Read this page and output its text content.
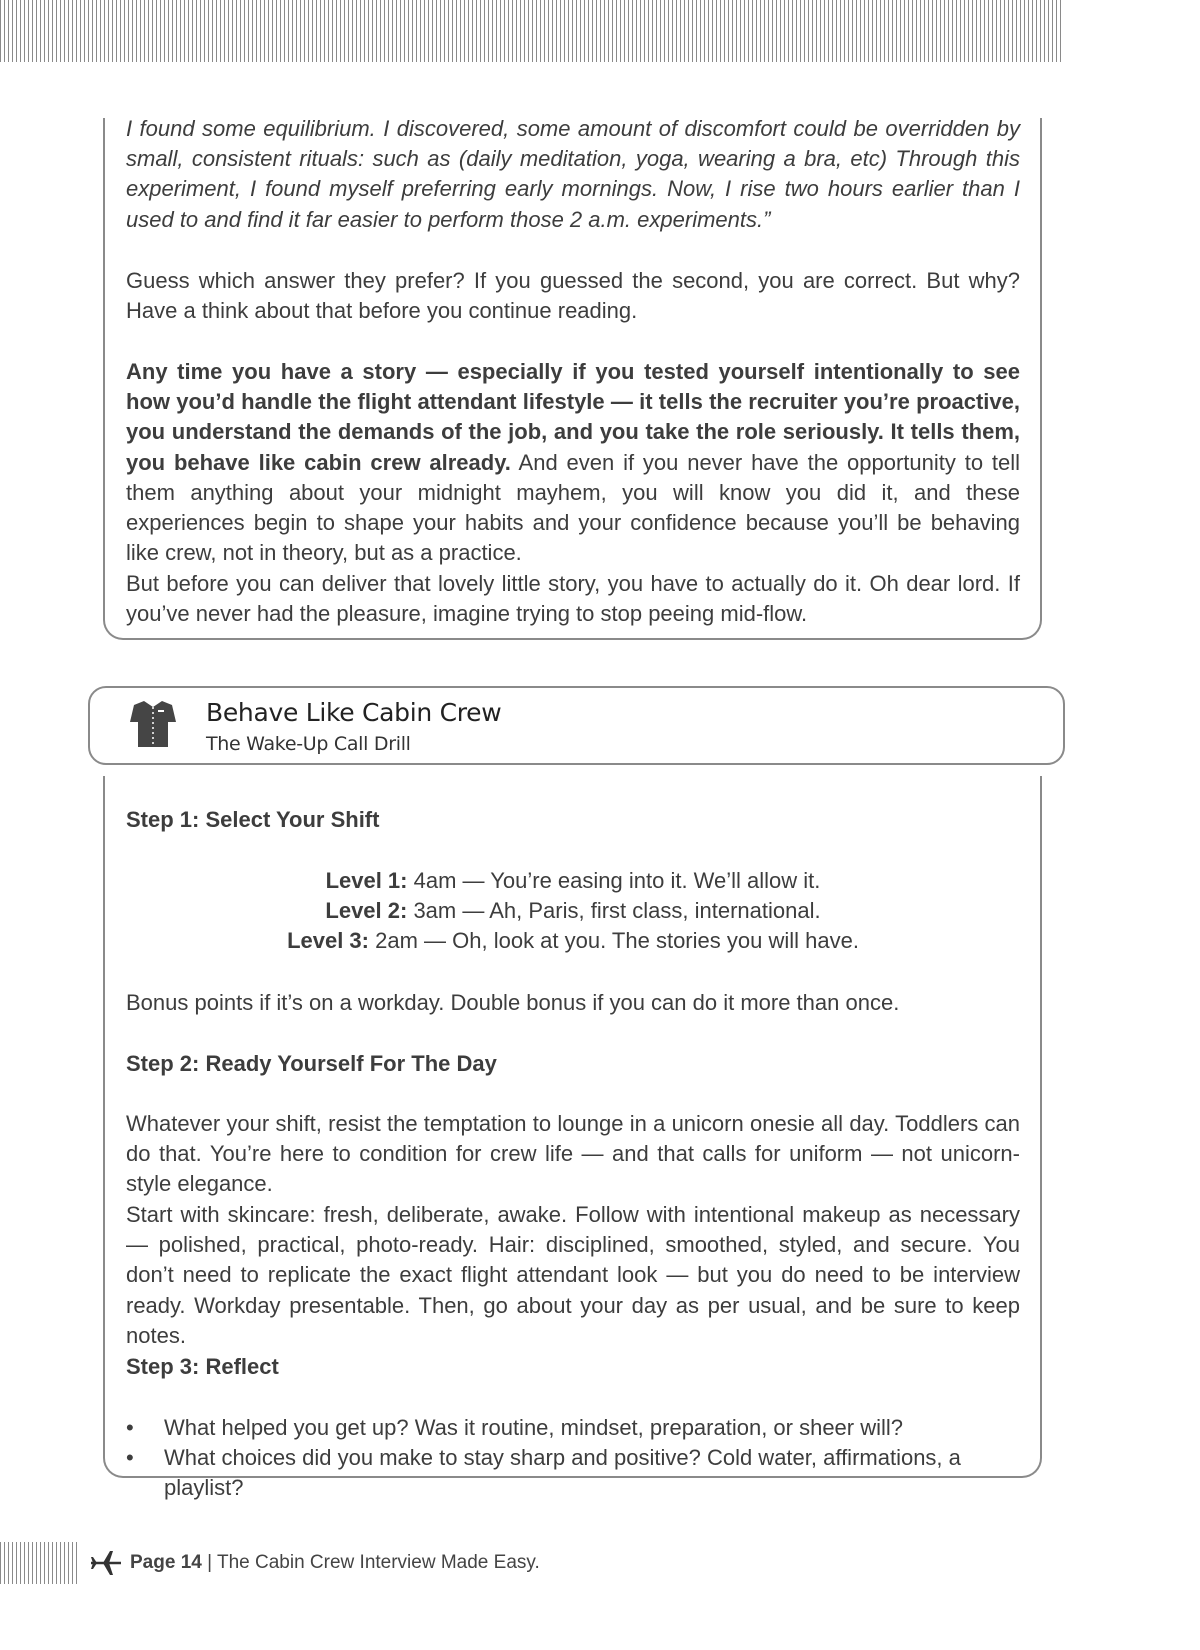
I found some equilibrium. I discovered, some amount of discomfort could be overridden by small, consistent rituals: such as (daily meditation, yoga, wearing a bra, etc) Through this experiment, I found myself preferring early mornings. Now, I rise two hours earlier than I used to and find it far easier to perform those 2 a.m. experiments.”

Guess which answer they prefer? If you guessed the second, you are correct. But why? Have a think about that before you continue reading.

Any time you have a story — especially if you tested yourself intentionally to see how you’d handle the flight attendant lifestyle — it tells the recruiter you’re proactive, you understand the demands of the job, and you take the role seriously. It tells them, you behave like cabin crew already. And even if you never have the opportunity to tell them anything about your midnight mayhem, you will know you did it, and these experiences begin to shape your habits and your confidence because you’ll be behaving like crew, not in theory, but as a practice.

But before you can deliver that lovely little story, you have to actually do it. Oh dear lord. If you’ve never had the pleasure, imagine trying to stop peeing mid-flow.

Behave Like Cabin Crew

The Wake-Up Call Drill

Step 1: Select Your Shift

Level 1: 4am — You’re easing into it. We’ll allow it.
Level 2: 3am — Ah, Paris, first class, international.
Level 3: 2am — Oh, look at you. The stories you will have.

Bonus points if it’s on a workday. Double bonus if you can do it more than once.

Step 2: Ready Yourself For The Day

Whatever your shift, resist the temptation to lounge in a unicorn onesie all day. Toddlers can do that. You’re here to condition for crew life — and that calls for uniform — not unicorn-style elegance.

Start with skincare: fresh, deliberate, awake. Follow with intentional makeup as necessary — polished, practical, photo-ready. Hair: disciplined, smoothed, styled, and secure. You don’t need to replicate the exact flight attendant look — but you do need to be interview ready. Workday presentable. Then, go about your day as per usual, and be sure to keep notes.

Step 3: Reflect

• What helped you get up? Was it routine, mindset, preparation, or sheer will?
• What choices did you make to stay sharp and positive? Cold water, affirmations, a playlist?

Page 14 | The Cabin Crew Interview Made Easy.
